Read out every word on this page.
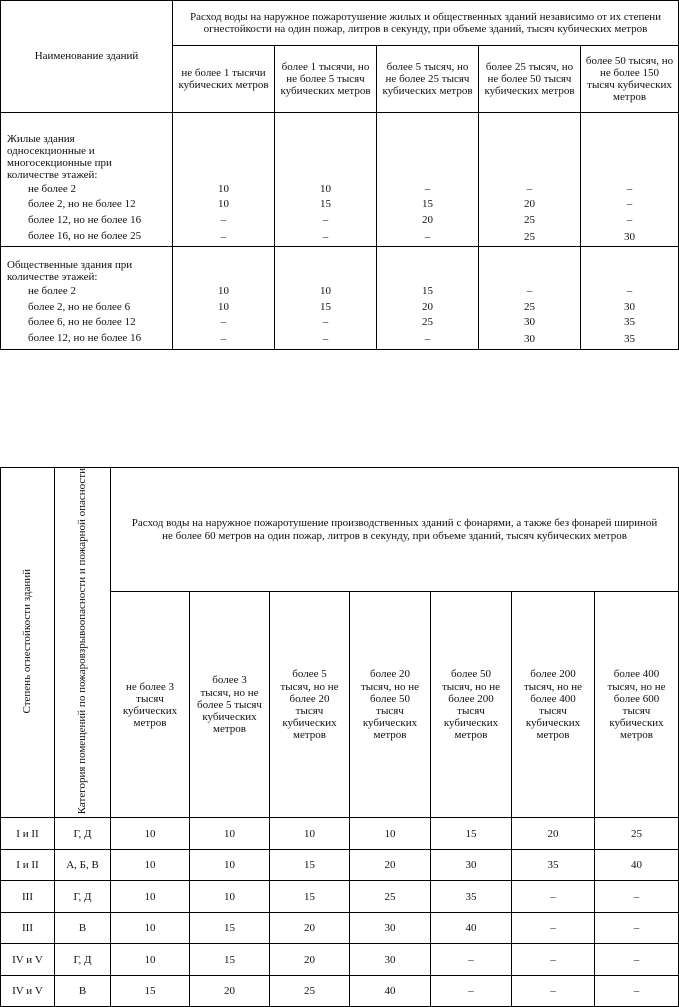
Наименование зданий	Расход воды на наружное пожаротушение жилых и общественных зданий независимо от их степени огнестойкости на один пожар, литров в секунду, при объеме зданий, тысяч кубических метров				
	не более 1 тысячи кубических метров	более 1 тысячи, но не более 5 тысяч кубических метров	более 5 тысяч, но не более 25 тысяч кубических метров	более 25 тысяч, но не более 50 тысяч кубических метров	более 50 тысяч, но не более 150 тысяч кубических метров
Жилые здания односекционные и многосекционные при количестве этажей:					
не более 2	10	10	–	–	–
более 2, но не более 12	10	15	15	20	–
более 12, но не более 16	–	–	20	25	–
более 16, но не более 25	–	–	–	25	30
Общественные здания при количестве этажей:					
не более 2	10	10	15	–	–
более 2, но не более 6	10	15	20	25	30
более 6, но не более 12	–	–	25	30	35
более 12, но не более 16	–	–	–	30	35
Степень огнестойкости зданий	Категория помещений по пожаровзрывоопасности и пожарной опасности	Расход воды на наружное пожаротушение производственных зданий с фонарями, а также без фонарей шириной не более 60 метров на один пожар, литров в секунду, при объеме зданий, тысяч кубических метров						
		не более 3 тысяч кубических метров	более 3 тысяч, но не более 5 тысяч кубических метров	более 5 тысяч, но не более 20 тысяч кубических метров	более 20 тысяч, но не более 50 тысяч кубических метров	более 50 тысяч, но не более 200 тысяч кубических метров	более 200 тысяч, но не более 400 тысяч кубических метров	более 400 тысяч, но не более 600 тысяч кубических метров
I и II	Г, Д	10	10	10	10	15	20	25
I и II	А, Б, В	10	10	15	20	30	35	40
III	Г, Д	10	10	15	25	35	–	–
III	В	10	15	20	30	40	–	–
IV и V	Г, Д	10	15	20	30	–	–	–
IV и V	В	15	20	25	40	–	–	–
